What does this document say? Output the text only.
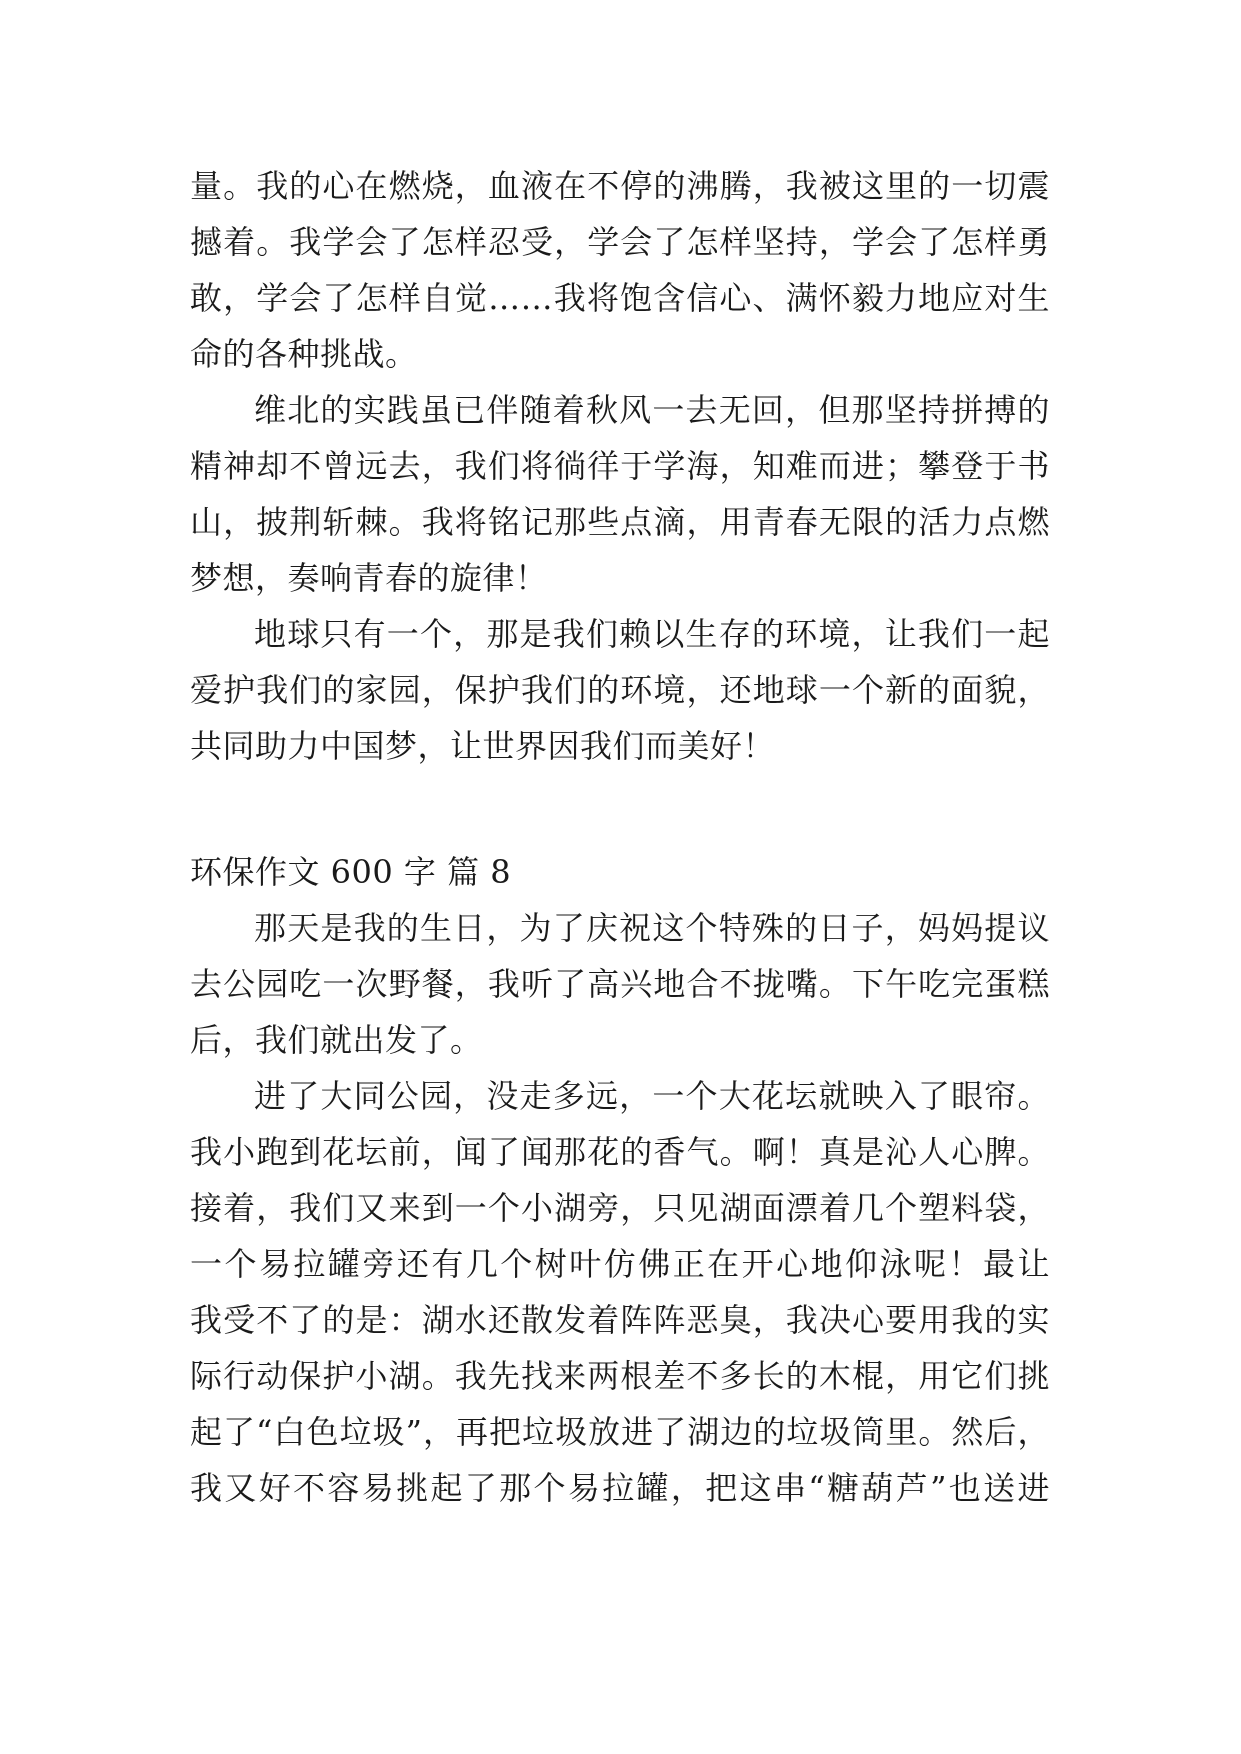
量。我的心在燃烧，血液在不停的沸腾，我被这里的一切震
撼着。我学会了怎样忍受，学会了怎样坚持，学会了怎样勇
敢，学会了怎样自觉……我将饱含信心、满怀毅力地应对生
命的各种挑战。
维北的实践虽已伴随着秋风一去无回，但那坚持拼搏的
精神却不曾远去，我们将徜徉于学海，知难而进；攀登于书
山，披荆斩棘。我将铭记那些点滴，用青春无限的活力点燃
梦想，奏响青春的旋律！
地球只有一个，那是我们赖以生存的环境，让我们一起
爱护我们的家园，保护我们的环境，还地球一个新的面貌，
共同助力中国梦，让世界因我们而美好！
环保作文 600 字 篇 8
那天是我的生日，为了庆祝这个特殊的日子，妈妈提议
去公园吃一次野餐，我听了高兴地合不拢嘴。下午吃完蛋糕
后，我们就出发了。
进了大同公园，没走多远，一个大花坛就映入了眼帘。
我小跑到花坛前，闻了闻那花的香气。啊！真是沁人心脾。
接着，我们又来到一个小湖旁，只见湖面漂着几个塑料袋，
一个易拉罐旁还有几个树叶仿佛正在开心地仰泳呢！最让
我受不了的是：湖水还散发着阵阵恶臭，我决心要用我的实
际行动保护小湖。我先找来两根差不多长的木棍，用它们挑
起了“白色垃圾”，再把垃圾放进了湖边的垃圾筒里。然后，
我又好不容易挑起了那个易拉罐，把这串“糖葫芦”也送进
